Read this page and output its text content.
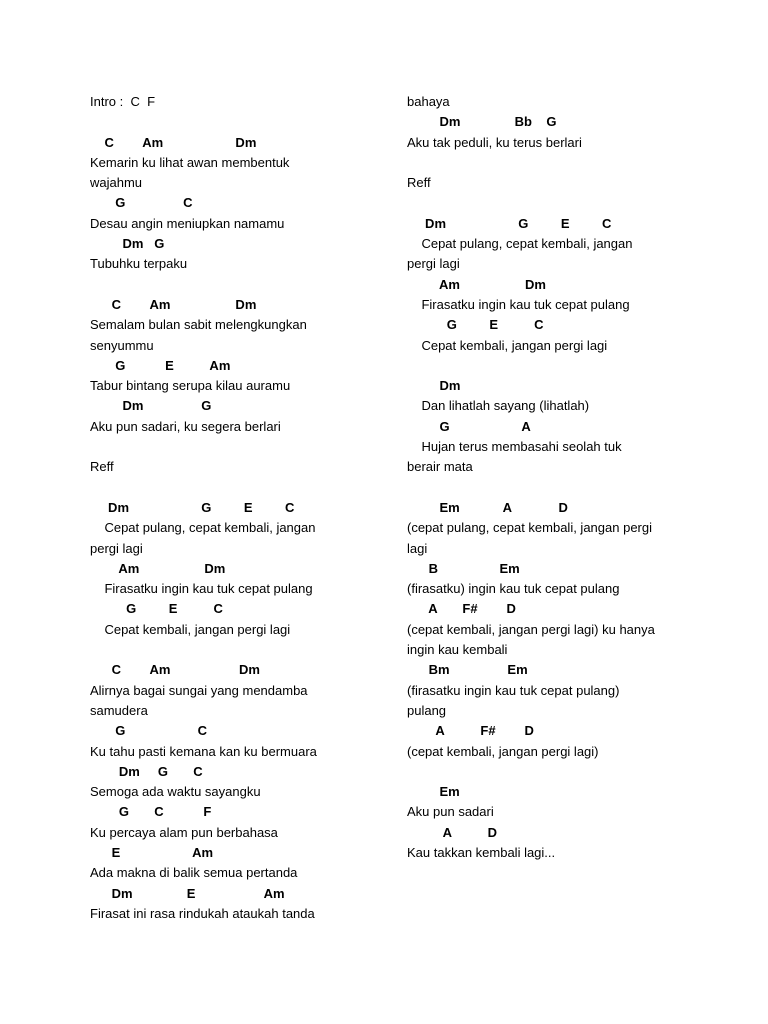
Intro :  C  F
C        Am                    Dm
Kemarin ku lihat awan membentuk
wajahmu
G                C
Desau angin meniupkan namamu
Dm   G
Tubuhku terpaku
C        Am                  Dm
Semalam bulan sabit melengkungkan
senyummu
G           E          Am
Tabur bintang serupa kilau auramu
Dm                G
Aku pun sadari, ku segera berlari
Reff
Dm                    G         E         C
Cepat pulang, cepat kembali, jangan
pergi lagi
Am                  Dm
Firasatku ingin kau tuk cepat pulang
G         E          C
Cepat kembali, jangan pergi lagi
C        Am                   Dm
Alirnya bagai sungai yang mendamba
samudera
G                    C
Ku tahu pasti kemana kan ku bermuara
Dm     G       C
Semoga ada waktu sayangku
G       C           F
Ku percaya alam pun berbahasa
E                    Am
Ada makna di balik semua pertanda
Dm               E                   Am
Firasat ini rasa rindukah ataukah tanda
bahaya
Dm               Bb    G
Aku tak peduli, ku terus berlari
Reff
Dm                    G         E         C
Cepat pulang, cepat kembali, jangan
pergi lagi
Am                  Dm
Firasatku ingin kau tuk cepat pulang
G         E          C
Cepat kembali, jangan pergi lagi
Dm
Dan lihatlah sayang (lihatlah)
G                    A
Hujan terus membasahi seolah tuk
berair mata
Em            A             D
(cepat pulang, cepat kembali, jangan pergi
lagi
B                 Em
(firasatku) ingin kau tuk cepat pulang
A       F#        D
(cepat kembali, jangan pergi lagi) ku hanya
ingin kau kembali
Bm                Em
(firasatku ingin kau tuk cepat pulang)
pulang
A          F#        D
(cepat kembali, jangan pergi lagi)
Em
Aku pun sadari
A          D
Kau takkan kembali lagi...
